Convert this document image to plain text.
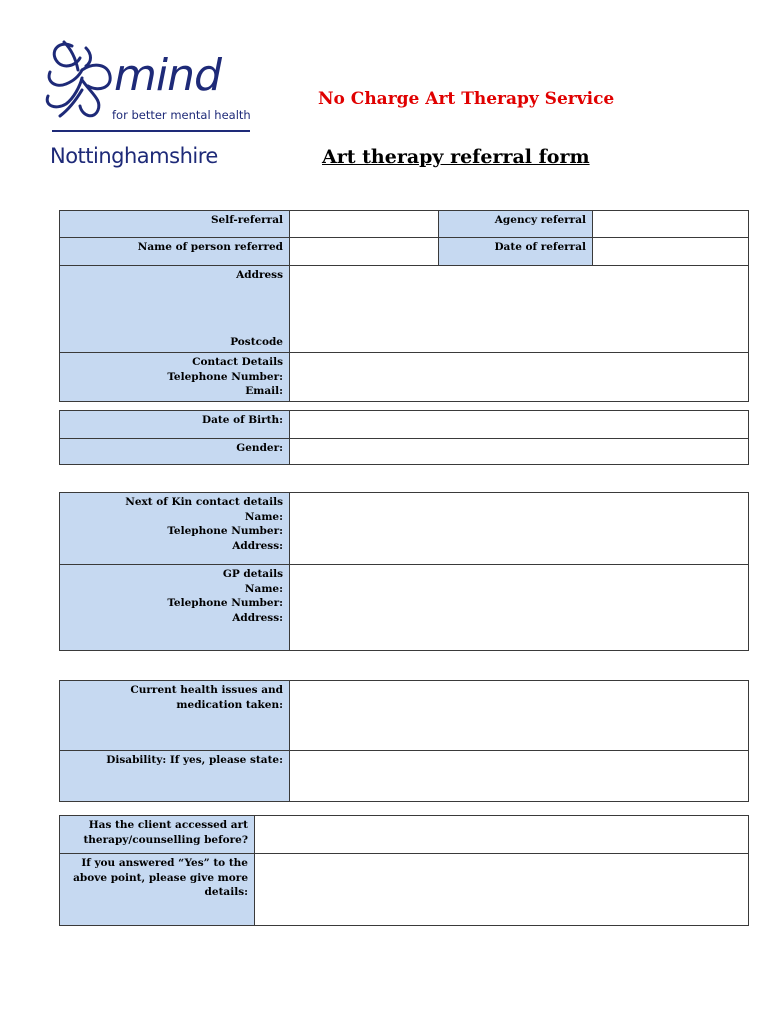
mind
for better mental health
Nottinghamshire
No Charge Art Therapy Service
Art therapy referral form
Self-referral		Agency referral	
Name of person referred		Date of referral	

Address
Postcode			

Contact Details
Telephone Number:
Email:			

Date of Birth:	
Gender:	
Next of Kin contact details
Name:
Telephone Number:
Address:	

GP details
Name:
Telephone Number:
Address:	

Current health issues and
medication taken:	

Disability: If yes, please state:	
Has the client accessed art
therapy/counselling before?	

If you answered “Yes” to the
above point, please give more
details:	
